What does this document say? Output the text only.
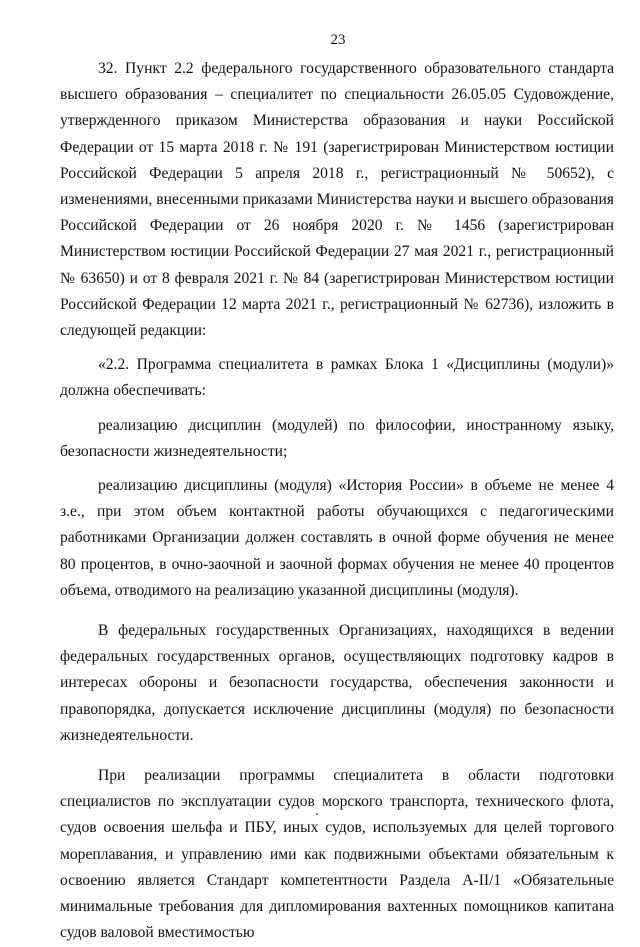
23

32. Пункт 2.2 федерального государственного образовательного стандарта высшего образования – специалитет по специальности 26.05.05 Судовождение, утвержденного приказом Министерства образования и науки Российской Федерации от 15 марта 2018 г. № 191 (зарегистрирован Министерством юстиции Российской Федерации 5 апреля 2018 г., регистрационный № 50652), с изменениями, внесенными приказами Министерства науки и высшего образования Российской Федерации от 26 ноября 2020 г. № 1456 (зарегистрирован Министерством юстиции Российской Федерации 27 мая 2021 г., регистрационный № 63650) и от 8 февраля 2021 г. № 84 (зарегистрирован Министерством юстиции Российской Федерации 12 марта 2021 г., регистрационный № 62736), изложить в следующей редакции:

«2.2. Программа специалитета в рамках Блока 1 «Дисциплины (модули)» должна обеспечивать:

реализацию дисциплин (модулей) по философии, иностранному языку, безопасности жизнедеятельности;

реализацию дисциплины (модуля) «История России» в объеме не менее 4 з.е., при этом объем контактной работы обучающихся с педагогическими работниками Организации должен составлять в очной форме обучения не менее 80 процентов, в очно-заочной и заочной формах обучения не менее 40 процентов объема, отводимого на реализацию указанной дисциплины (модуля).

В федеральных государственных Организациях, находящихся в ведении федеральных государственных органов, осуществляющих подготовку кадров в интересах обороны и безопасности государства, обеспечения законности и правопорядка, допускается исключение дисциплины (модуля) по безопасности жизнедеятельности.

При реализации программы специалитета в области подготовки специалистов по эксплуатации судов морского транспорта, технического флота, судов освоения шельфа и ПБУ, иных судов, используемых для целей торгового мореплавания, и управлению ими как подвижными объектами обязательным к освоению является Стандарт компетентности Раздела А-II/1 «Обязательные минимальные требования для дипломирования вахтенных помощников капитана судов валовой вместимостью
